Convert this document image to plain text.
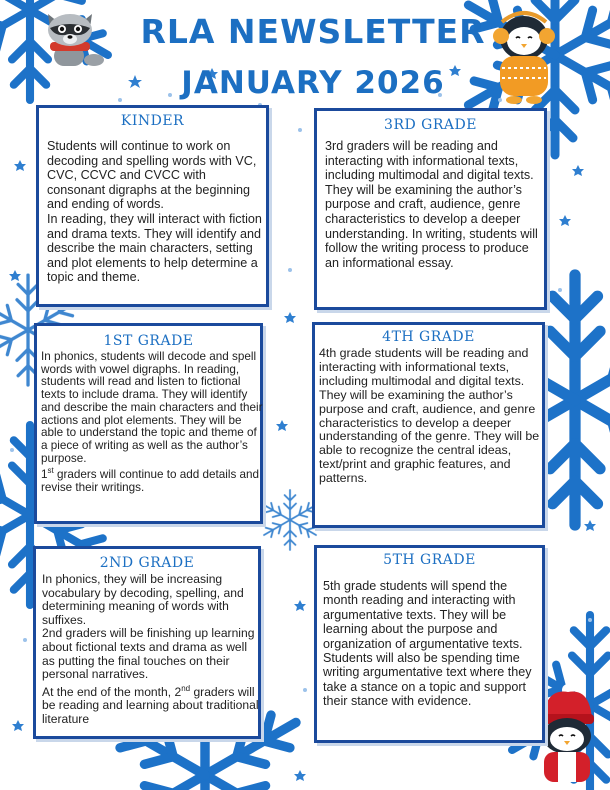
RLA NEWSLETTER
JANUARY 2026
KINDER

Students will continue to work on decoding and spelling words with VC, CVC, CCVC and CVCC with consonant digraphs at the beginning and ending of words.
In reading, they will interact with fiction and drama texts. They will identify and describe the main characters, setting and plot elements to help determine a topic and theme.

3RD GRADE

3rd graders will be reading and interacting with informational texts, including multimodal and digital texts. They will be examining the author’s purpose and craft, audience, genre characteristics to develop a deeper understanding. In writing, students will follow the writing process to produce an informational essay.

1ST GRADE

In phonics, students will decode and spell words with vowel digraphs. In reading, students will read and listen to fictional texts to include drama. They will identify and describe the main characters and their actions and plot elements. They will be able to understand the topic and theme of a piece of writing as well as the author’s purpose.
1st graders will continue to add details and revise their writings.

4TH GRADE

4th grade students will be reading and interacting with informational texts, including multimodal and digital texts. They will be examining the author’s purpose and craft, audience, and genre characteristics to develop a deeper understanding of the genre. They will be able to recognize the central ideas, text/print and graphic features, and patterns.

2ND GRADE

In phonics, they will be increasing vocabulary by decoding, spelling, and determining meaning of words with suffixes.
2nd graders will be finishing up learning about fictional texts and drama as well as putting the final touches on their personal narratives.
At the end of the month, 2nd graders will be reading and learning about traditional literature

5TH GRADE

5th grade students will spend the month reading and interacting with argumentative texts. They will be learning about the purpose and organization of argumentative texts. Students will also be spending time writing argumentative text where they take a stance on a topic and support their stance with evidence.
